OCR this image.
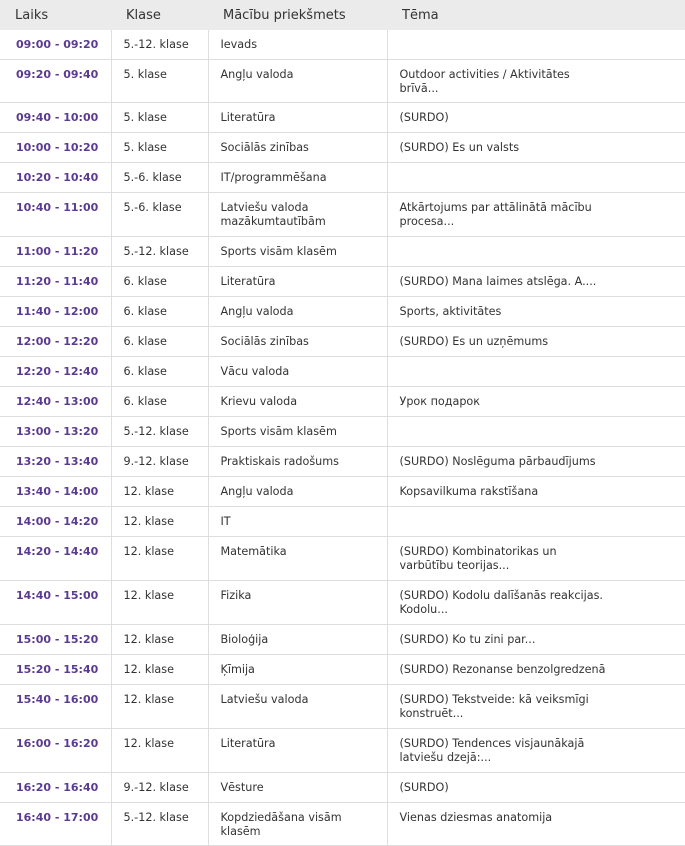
Laiks	Klase	Mācību priekšmets	Tēma
09:00 - 09:20	5.-12. klase	Ievads	

09:20 - 09:40	5. klase	Angļu valoda	Outdoor activities / Aktivitātes brīvā...

09:40 - 10:00	5. klase	Literatūra	(SURDO)

10:00 - 10:20	5. klase	Sociālās zinības	(SURDO) Es un valsts

10:20 - 10:40	5.-6. klase	IT/programmēšana	

10:40 - 11:00	5.-6. klase	Latviešu valoda mazākumtautībām	Atkārtojums par attālinātā mācību procesa...

11:00 - 11:20	5.-12. klase	Sports visām klasēm	

11:20 - 11:40	6. klase	Literatūra	(SURDO) Mana laimes atslēga. A....

11:40 - 12:00	6. klase	Angļu valoda	Sports, aktivitātes

12:00 - 12:20	6. klase	Sociālās zinības	(SURDO) Es un uzņēmums

12:20 - 12:40	6. klase	Vācu valoda	

12:40 - 13:00	6. klase	Krievu valoda	Урок подарок

13:00 - 13:20	5.-12. klase	Sports visām klasēm	

13:20 - 13:40	9.-12. klase	Praktiskais radošums	(SURDO) Noslēguma pārbaudījums

13:40 - 14:00	12. klase	Angļu valoda	Kopsavilkuma rakstīšana

14:00 - 14:20	12. klase	IT	

14:20 - 14:40	12. klase	Matemātika	(SURDO) Kombinatorikas un varbūtību teorijas...

14:40 - 15:00	12. klase	Fizika	(SURDO) Kodolu dalīšanās reakcijas. Kodolu...

15:00 - 15:20	12. klase	Bioloģija	(SURDO) Ko tu zini par...

15:20 - 15:40	12. klase	Ķīmija	(SURDO) Rezonanse benzolgredzenā

15:40 - 16:00	12. klase	Latviešu valoda	(SURDO) Tekstveide: kā veiksmīgi konstruēt...

16:00 - 16:20	12. klase	Literatūra	(SURDO) Tendences visjaunākajā latviešu dzejā:...

16:20 - 16:40	9.-12. klase	Vēsture	(SURDO)

16:40 - 17:00	5.-12. klase	Kopdziedāšana visām klasēm	Vienas dziesmas anatomija
